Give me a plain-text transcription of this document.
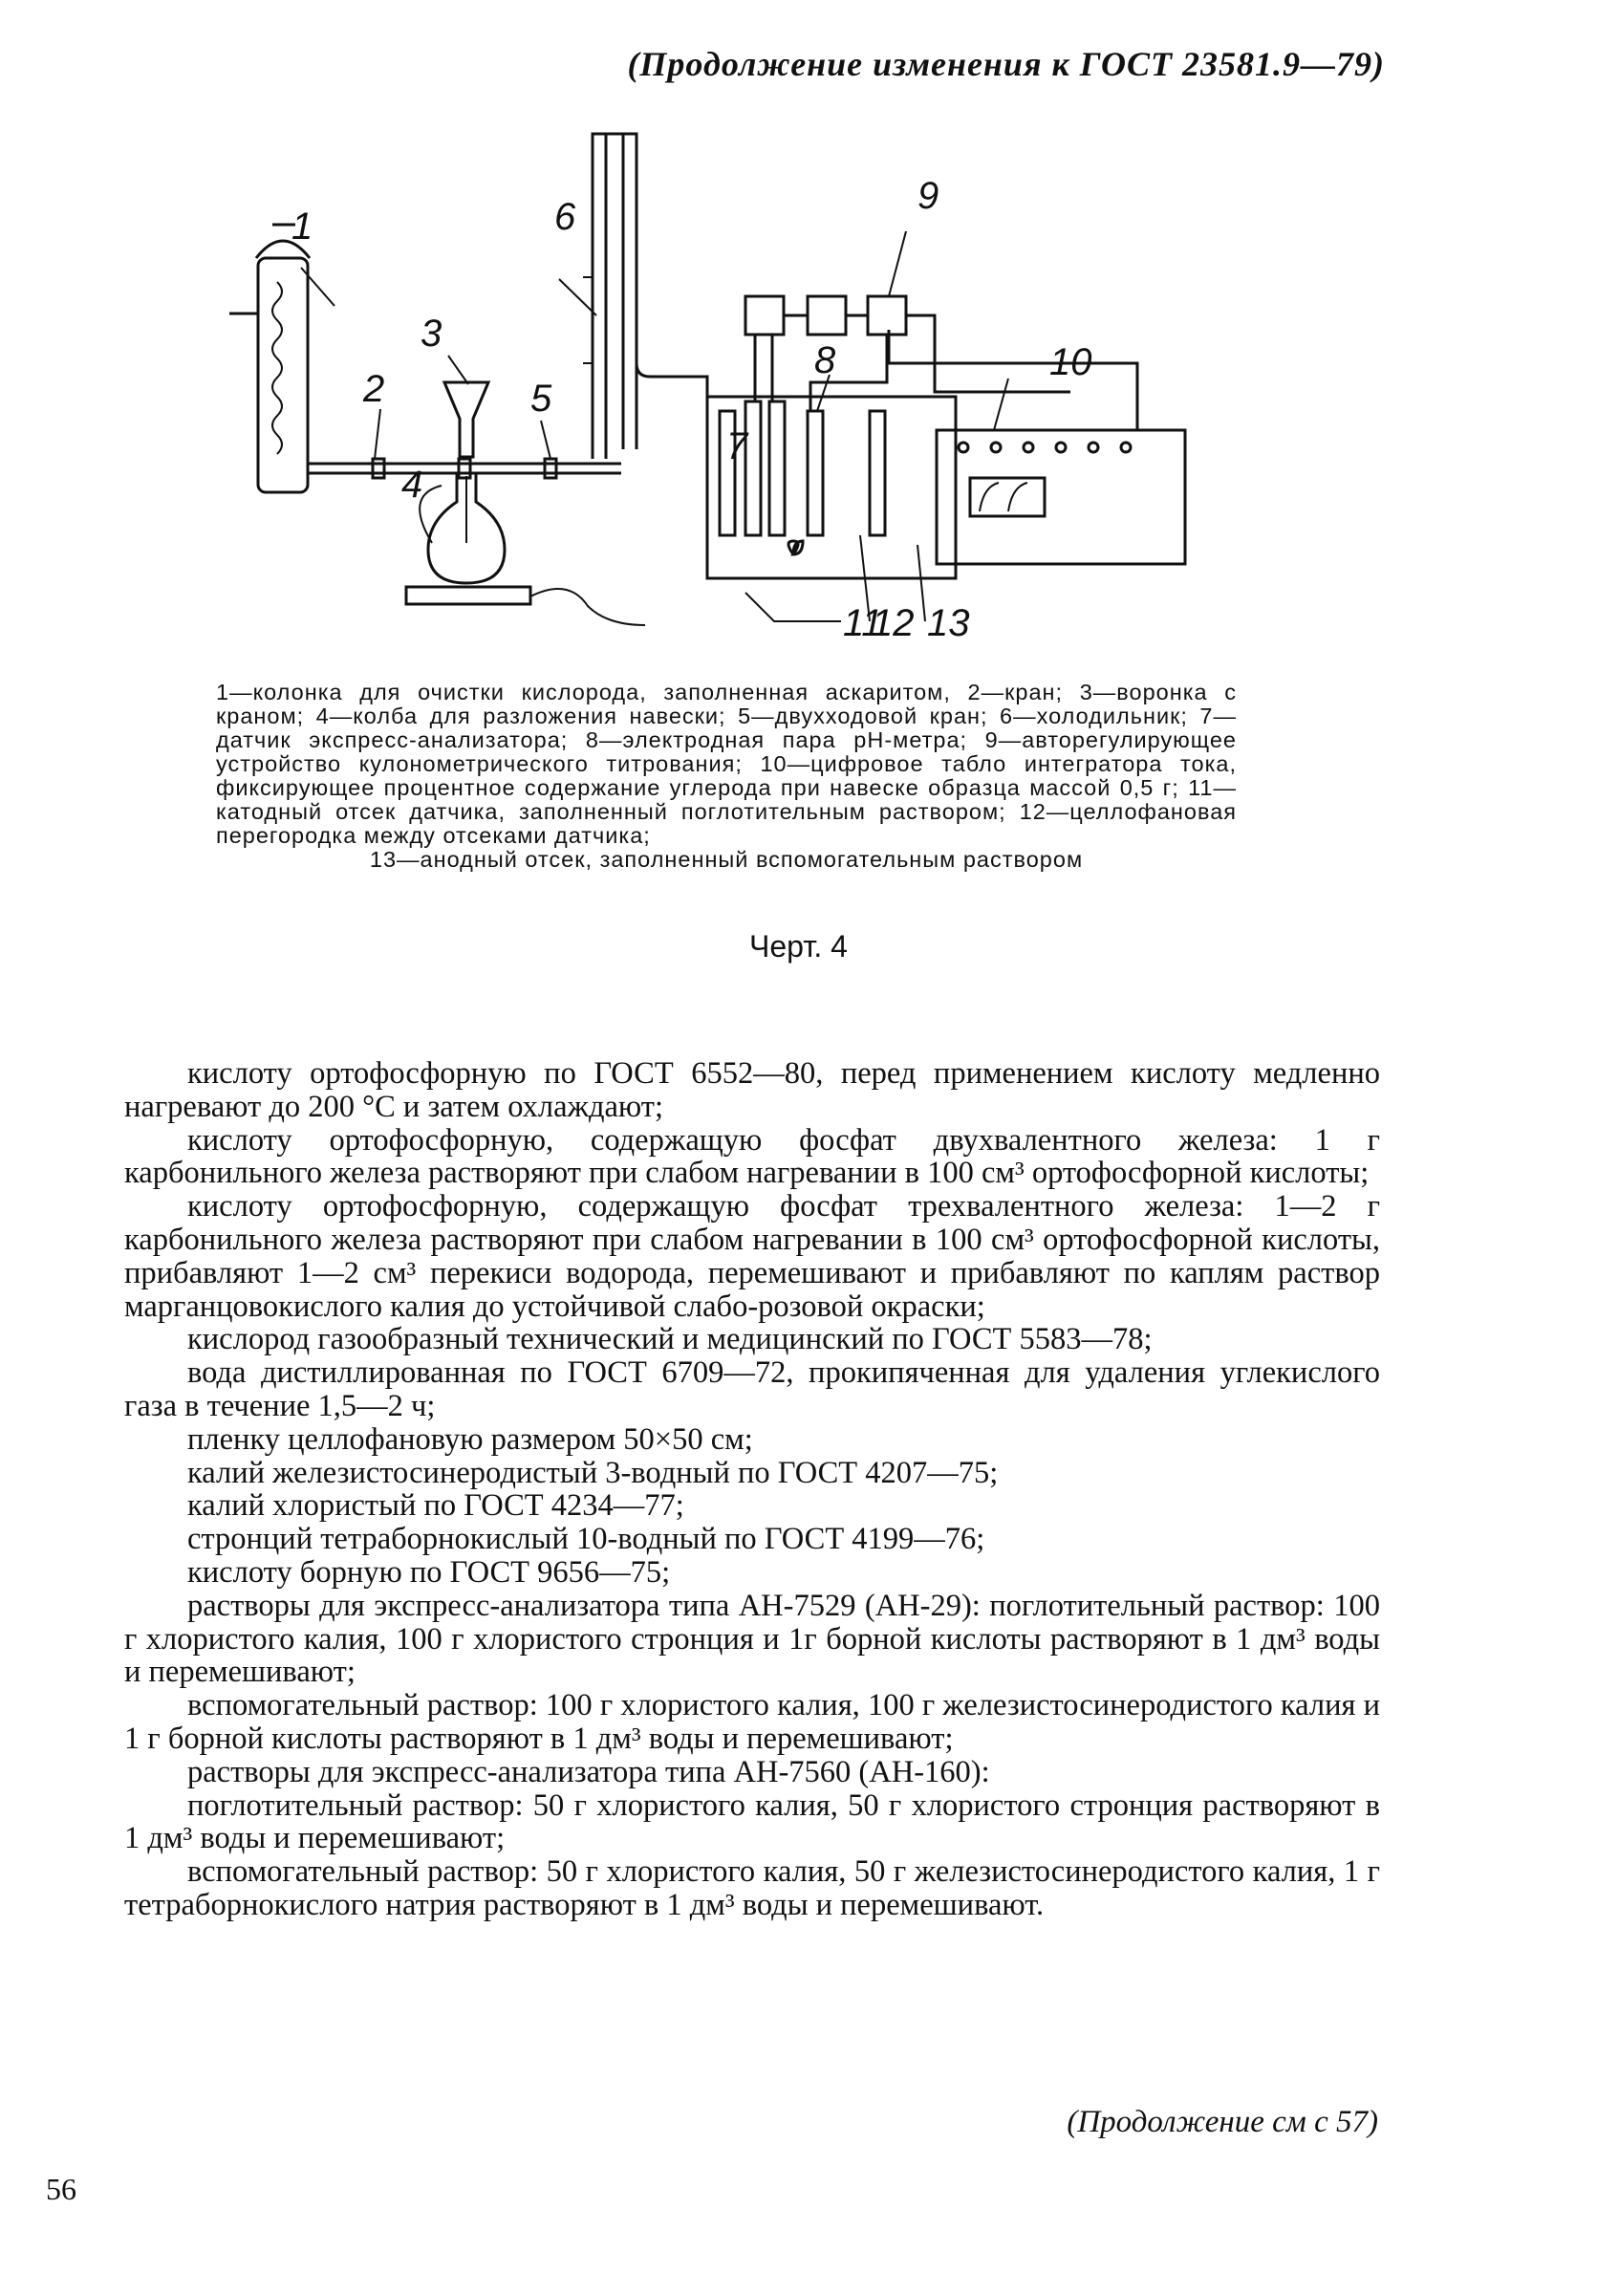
(Продолжение изменения к ГОСТ 23581.9—79)
1
2
3
4
5
6
7
8
9
10
11
12 13
1—колонка для очистки кислорода, заполненная аскаритом, 2—кран; 3—воронка с краном; 4—колба для разложения навески; 5—двухходовой кран; 6—холодильник; 7—датчик экспресс-анализатора; 8—электродная пара рН-метра; 9—авторегулирующее устройство кулонометрического титрования; 10—цифровое табло интегратора тока, фиксирующее процентное содержание углерода при навеске образца массой 0,5 г; 11—катодный отсек датчика, заполненный поглотительным раствором; 12—целлофановая перегородка между отсеками датчика;
13—анодный отсек, заполненный вспомогательным раствором
Черт. 4

кислоту ортофосфорную по ГОСТ 6552—80, перед применением кислоту медленно нагревают до 200 °С и затем охлаждают;

кислоту ортофосфорную, содержащую фосфат двухвалентного железа: 1 г карбонильного железа растворяют при слабом нагревании в 100 см³ ортофосфорной кислоты;

кислоту ортофосфорную, содержащую фосфат трехвалентного железа: 1—2 г карбонильного железа растворяют при слабом нагревании в 100 см³ ортофосфорной кислоты, прибавляют 1—2 см³ перекиси водорода, перемешивают и прибавляют по каплям раствор марганцовокислого калия до устойчивой слабо-розовой окраски;

кислород газообразный технический и медицинский по ГОСТ 5583—78;

вода дистиллированная по ГОСТ 6709—72, прокипяченная для удаления углекислого газа в течение 1,5—2 ч;

пленку целлофановую размером 50×50 см;

калий железистосинеродистый 3-водный по ГОСТ 4207—75;

калий хлористый по ГОСТ 4234—77;

стронций тетраборнокислый 10-водный по ГОСТ 4199—76;

кислоту борную по ГОСТ 9656—75;

растворы для экспресс-анализатора типа АН-7529 (АН-29): поглотительный раствор: 100 г хлористого калия, 100 г хлористого стронция и 1г борной кислоты растворяют в 1 дм³ воды и перемешивают;

вспомогательный раствор: 100 г хлористого калия, 100 г железистосинеродистого калия и 1 г борной кислоты растворяют в 1 дм³ воды и перемешивают;

растворы для экспресс-анализатора типа АН-7560 (АН-160):

поглотительный раствор: 50 г хлористого калия, 50 г хлористого стронция растворяют в 1 дм³ воды и перемешивают;

вспомогательный раствор: 50 г хлористого калия, 50 г железистосинеродистого калия, 1 г тетраборнокислого натрия растворяют в 1 дм³ воды и перемешивают.

(Продолжение см с 57)
56
